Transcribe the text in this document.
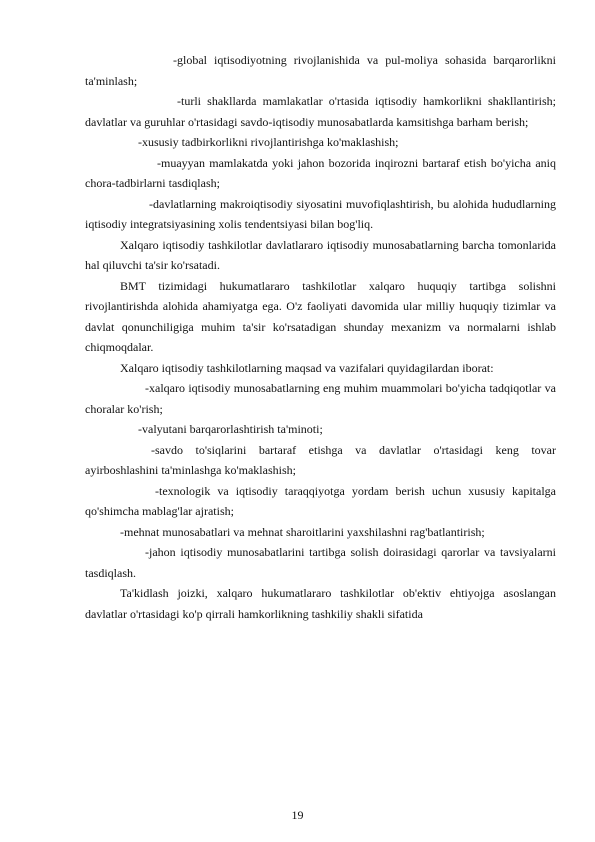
-global iqtisodiyotning rivojlanishida va pul-moliya sohasida barqarorlikni ta'minlash;

-turli shakllarda mamlakatlar o'rtasida iqtisodiy hamkorlikni shakllantirish; davlatlar va guruhlar o'rtasidagi savdo-iqtisodiy munosabatlarda kamsitishga barham berish;

-xususiy tadbirkorlikni rivojlantirishga ko'maklashish;

-muayyan mamlakatda yoki jahon bozorida inqirozni bartaraf etish bo'yicha aniq chora-tadbirlarni tasdiqlash;

-davlatlarning makroiqtisodiy siyosatini muvofiqlashtirish, bu alohida hududlarning iqtisodiy integratsiyasining xolis tendentsiyasi bilan bog'liq.

Xalqaro iqtisodiy tashkilotlar davlatlararo iqtisodiy munosabatlarning barcha tomonlarida hal qiluvchi ta'sir ko'rsatadi.

BMT tizimidagi hukumatlararo tashkilotlar xalqaro huquqiy tartibga solishni rivojlantirishda alohida ahamiyatga ega. O'z faoliyati davomida ular milliy huquqiy tizimlar va davlat qonunchiligiga muhim ta'sir ko'rsatadigan shunday mexanizm va normalarni ishlab chiqmoqdalar.

Xalqaro iqtisodiy tashkilotlarning maqsad va vazifalari quyidagilardan iborat:

-xalqaro iqtisodiy munosabatlarning eng muhim muammolari bo'yicha tadqiqotlar va choralar ko'rish;

-valyutani barqarorlashtirish ta'minoti;

-savdo to'siqlarini bartaraf etishga va davlatlar o'rtasidagi keng tovar ayirboshlashini ta'minlashga ko'maklashish;

-texnologik va iqtisodiy taraqqiyotga yordam berish uchun xususiy kapitalga qo'shimcha mablag'lar ajratish;

-mehnat munosabatlari va mehnat sharoitlarini yaxshilashni rag'batlantirish;

-jahon iqtisodiy munosabatlarini tartibga solish doirasidagi qarorlar va tavsiyalarni tasdiqlash.

Ta'kidlash joizki, xalqaro hukumatlararo tashkilotlar ob'ektiv ehtiyojga asoslangan davlatlar o'rtasidagi ko'p qirrali hamkorlikning tashkiliy shakli sifatida

19
